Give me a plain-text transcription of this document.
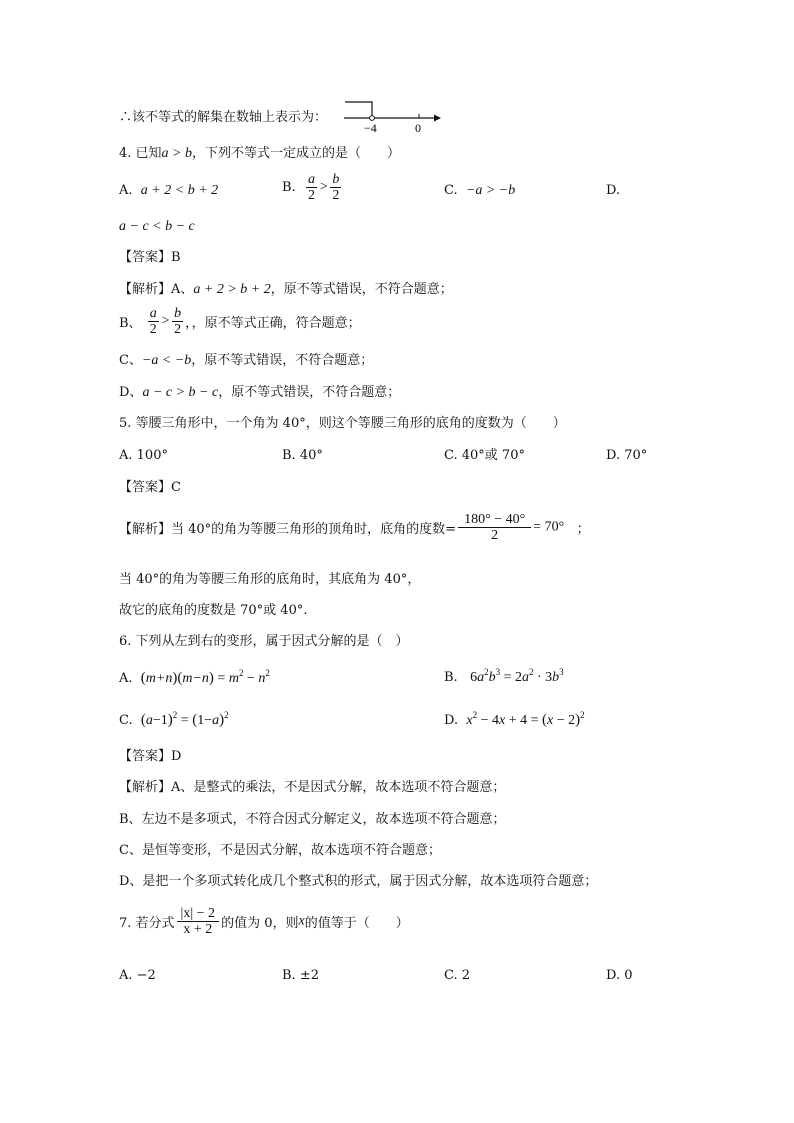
∴该不等式的解集在数轴上表示为：
−4	0
4. 已知a > b，下列不等式一定成立的是（　　）
A. a + 2 < b + 2	B. $\frac{a}{2} > \frac{b}{2}$	C. −a > −b	D.
a − c < b − c
【答案】B
【解析】A、a + 2 > b + 2，原不等式错误，不符合题意；
B、 $\frac{a}{2} > \frac{b}{2}$ ，，原不等式正确，符合题意；
C、−a < −b，原不等式错误，不符合题意；
D、a − c > b − c，原不等式错误，不符合题意；
5. 等腰三角形中，一个角为 40°，则这个等腰三角形的底角的度数为（　　）
A. 100°	B. 40°	C. 40°或 70°	D. 70°
【答案】C
【解析】当 40°的角为等腰三角形的顶角时，底角的度数= $\frac{180^\circ - 40^\circ}{2} = 70^\circ$ ；
当 40°的角为等腰三角形的底角时，其底角为 40°，
故它的底角的度数是 70°或 40°.
6. 下列从左到右的变形，属于因式分解的是（　）
A. $(m+n)(m-n) = m^2 - n^2$	B. $6a^2b^3 = 2a^2 \cdot 3b^3$
C. $(a-1)^2 = (1-a)^2$	D. $x^2 - 4x + 4 = (x - 2)^2$
【答案】D
【解析】A、是整式的乘法，不是因式分解，故本选项不符合题意；
B、左边不是多项式，不符合因式分解定义，故本选项不符合题意；
C、是恒等变形，不是因式分解，故本选项不符合题意；
D、是把一个多项式转化成几个整式积的形式，属于因式分解，故本选项符合题意；
7. 若分式 $\frac{|x| - 2}{x + 2}$ 的值为 0，则x的值等于（　　）
A. −2	B. ±2	C. 2	D. 0
